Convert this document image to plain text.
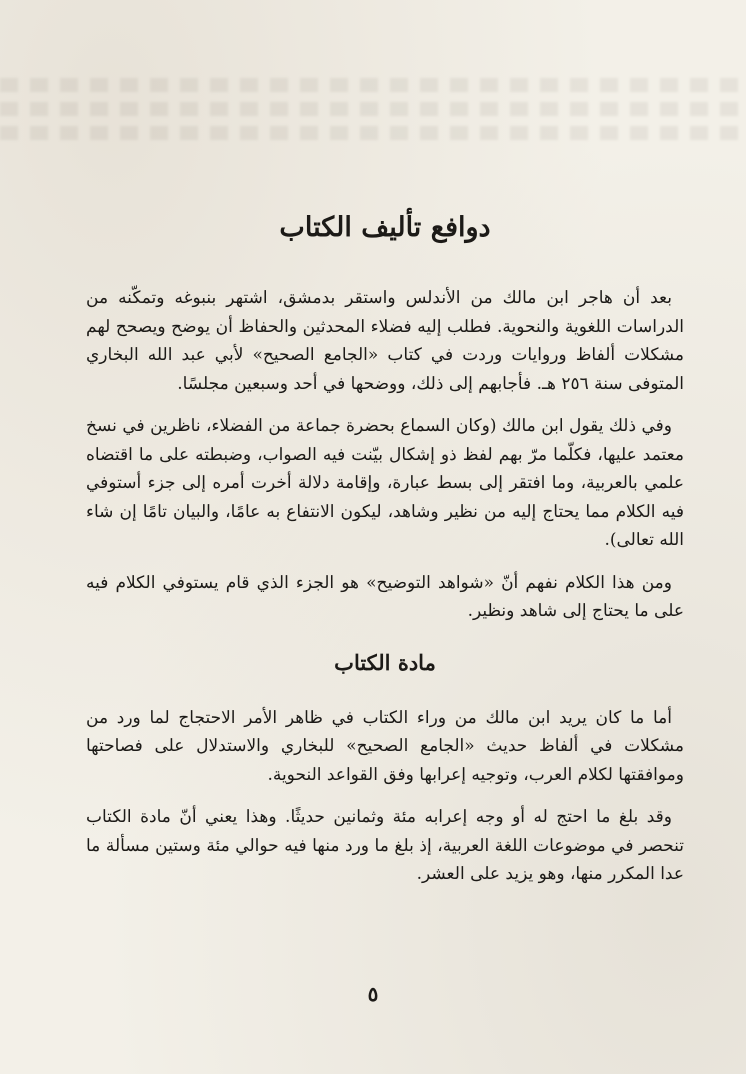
دوافع تأليف الكتاب

بعد أن هاجر ابن مالك من الأندلس واستقر بدمشق، اشتهر بنبوغه وتمكّنه من الدراسات اللغوية والنحوية. فطلب إليه فضلاء المحدثين والحفاظ أن يوضح ويصحح لهم مشكلات ألفاظ وروايات وردت في كتاب «الجامع الصحيح» لأبي عبد الله البخاري المتوفى سنة ٢٥٦ هـ. فأجابهم إلى ذلك، ووضحها في أحد وسبعين مجلسًا.

وفي ذلك يقول ابن مالك (وكان السماع بحضرة جماعة من الفضلاء، ناظرين في نسخ معتمد عليها، فكلّما مرّ بهم لفظ ذو إشكال بيّنت فيه الصواب، وضبطته على ما اقتضاه علمي بالعربية، وما افتقر إلى بسط عبارة، وإقامة دلالة أخرت أمره إلى جزء أستوفي فيه الكلام مما يحتاج إليه من نظير وشاهد، ليكون الانتفاع به عامًا، والبيان تامًا إن شاء الله تعالى).

ومن هذا الكلام نفهم أنّ «شواهد التوضيح» هو الجزء الذي قام يستوفي الكلام فيه على ما يحتاج إلى شاهد ونظير.

مادة الكتاب

أما ما كان يريد ابن مالك من وراء الكتاب في ظاهر الأمر الاحتجاج لما ورد من مشكلات في ألفاظ حديث «الجامع الصحيح» للبخاري والاستدلال على فصاحتها وموافقتها لكلام العرب، وتوجيه إعرابها وفق القواعد النحوية.

وقد بلغ ما احتج له أو وجه إعرابه مئة وثمانين حديثًا. وهذا يعني أنّ مادة الكتاب تنحصر في موضوعات اللغة العربية، إذ بلغ ما ورد منها فيه حوالي مئة وستين مسألة ما عدا المكرر منها، وهو يزيد على العشر.

٥
